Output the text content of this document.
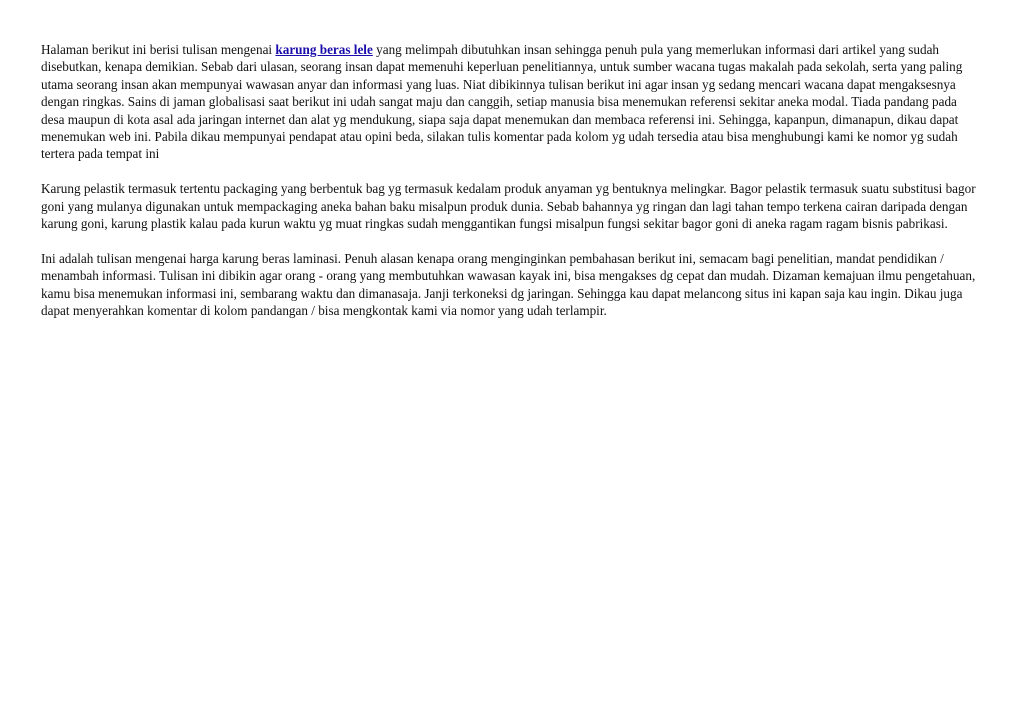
Halaman berikut ini berisi tulisan mengenai karung beras lele yang melimpah dibutuhkan insan sehingga penuh pula yang memerlukan informasi dari artikel yang sudah disebutkan, kenapa demikian. Sebab dari ulasan, seorang insan dapat memenuhi keperluan penelitiannya, untuk sumber wacana tugas makalah pada sekolah, serta yang paling utama seorang insan akan mempunyai wawasan anyar dan informasi yang luas. Niat dibikinnya tulisan berikut ini agar insan yg sedang mencari wacana dapat mengaksesnya dengan ringkas. Sains di jaman globalisasi saat berikut ini udah sangat maju dan canggih, setiap manusia bisa menemukan referensi sekitar aneka modal. Tiada pandang pada desa maupun di kota asal ada jaringan internet dan alat yg mendukung, siapa saja dapat menemukan dan membaca referensi ini. Sehingga, kapanpun, dimanapun, dikau dapat menemukan web ini. Pabila dikau mempunyai pendapat atau opini beda, silakan tulis komentar pada kolom yg udah tersedia atau bisa menghubungi kami ke nomor yg sudah tertera pada tempat ini

Karung pelastik termasuk tertentu packaging yang berbentuk bag yg termasuk kedalam produk anyaman yg bentuknya melingkar. Bagor pelastik termasuk suatu substitusi bagor goni yang mulanya digunakan untuk mempackaging aneka bahan baku misalpun produk dunia. Sebab bahannya yg ringan dan lagi tahan tempo terkena cairan daripada dengan karung goni, karung plastik kalau pada kurun waktu yg muat ringkas sudah menggantikan fungsi misalpun fungsi sekitar bagor goni di aneka ragam ragam bisnis pabrikasi.

Ini adalah tulisan mengenai harga karung beras laminasi. Penuh alasan kenapa orang menginginkan pembahasan berikut ini, semacam bagi penelitian, mandat pendidikan / menambah informasi. Tulisan ini dibikin agar orang - orang yang membutuhkan wawasan kayak ini, bisa mengakses dg cepat dan mudah. Dizaman kemajuan ilmu pengetahuan, kamu bisa menemukan informasi ini, sembarang waktu dan dimanasaja. Janji terkoneksi dg jaringan. Sehingga kau dapat melancong situs ini kapan saja kau ingin. Dikau juga dapat menyerahkan komentar di kolom pandangan / bisa mengkontak kami via nomor yang udah terlampir.
